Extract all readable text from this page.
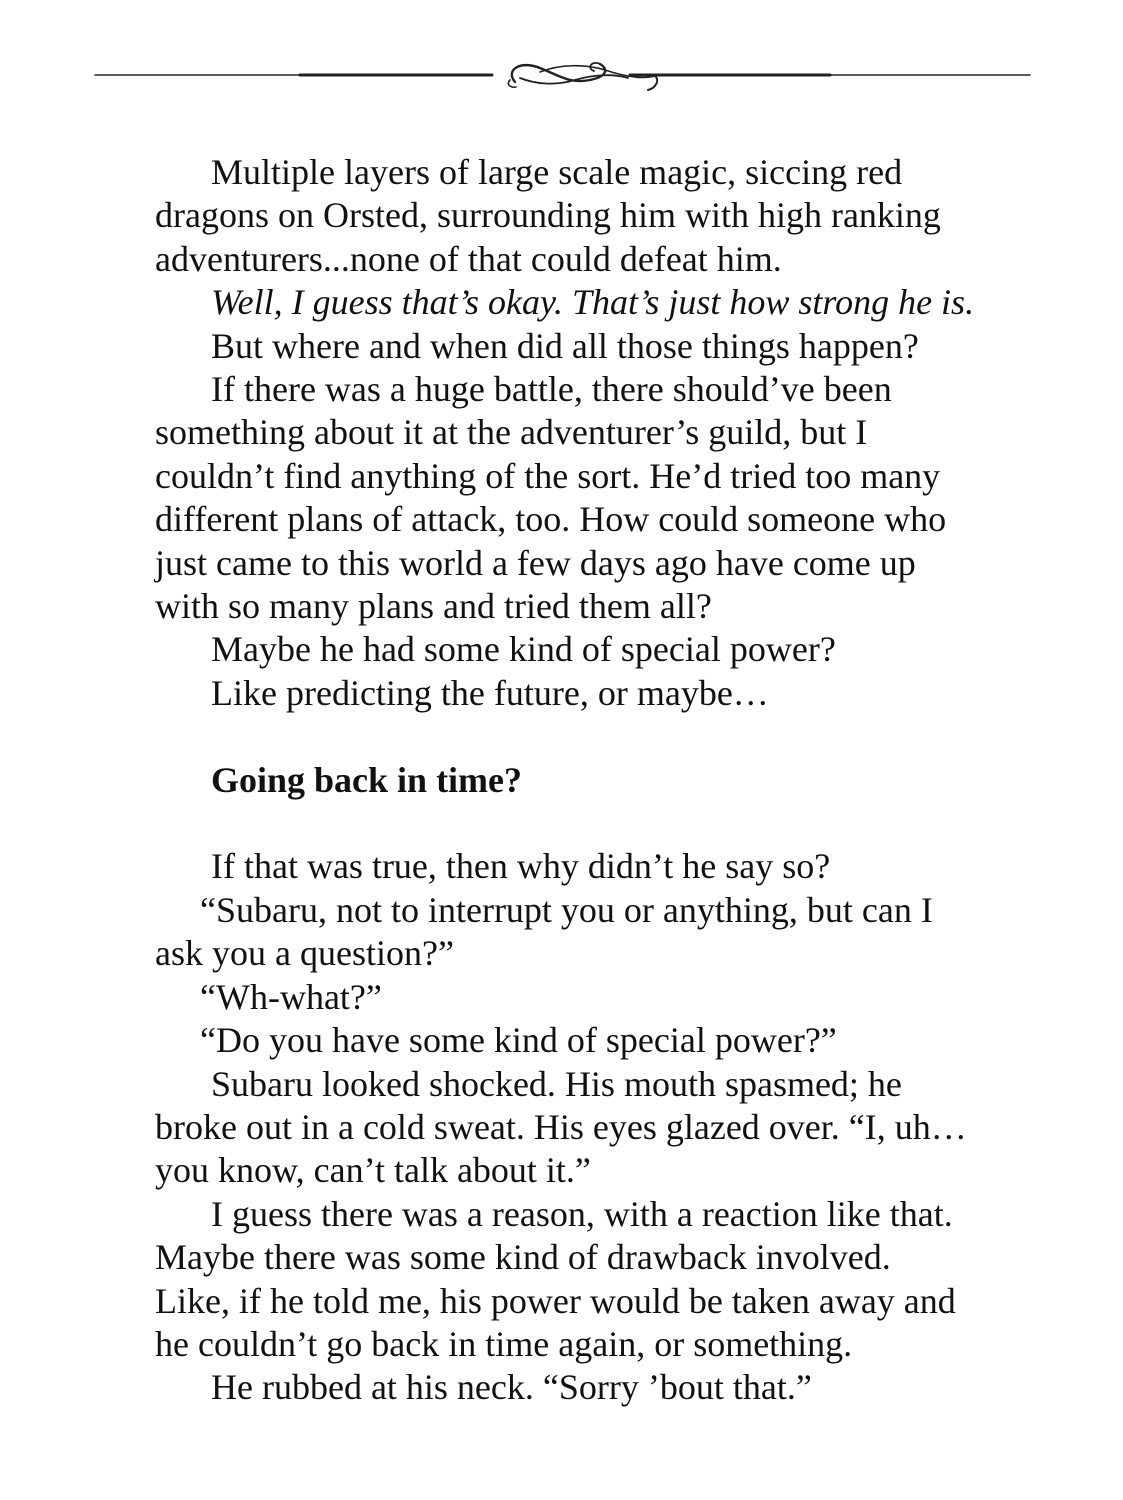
Multiple layers of large scale magic, siccing red

dragons on Orsted, surrounding him with high ranking

adventurers...none of that could defeat him.

Well, I guess that’s okay. That’s just how strong he is.

But where and when did all those things happen?

If there was a huge battle, there should’ve been

something about it at the adventurer’s guild, but I

couldn’t find anything of the sort. He’d tried too many

different plans of attack, too. How could someone who

just came to this world a few days ago have come up

with so many plans and tried them all?

Maybe he had some kind of special power?

Like predicting the future, or maybe…

Going back in time?

If that was true, then why didn’t he say so?

“Subaru, not to interrupt you or anything, but can I

ask you a question?”

“Wh-what?”

“Do you have some kind of special power?”

Subaru looked shocked. His mouth spasmed; he

broke out in a cold sweat. His eyes glazed over. “I, uh…

you know, can’t talk about it.”

I guess there was a reason, with a reaction like that.

Maybe there was some kind of drawback involved.

Like, if he told me, his power would be taken away and

he couldn’t go back in time again, or something.

He rubbed at his neck. “Sorry ’bout that.”
